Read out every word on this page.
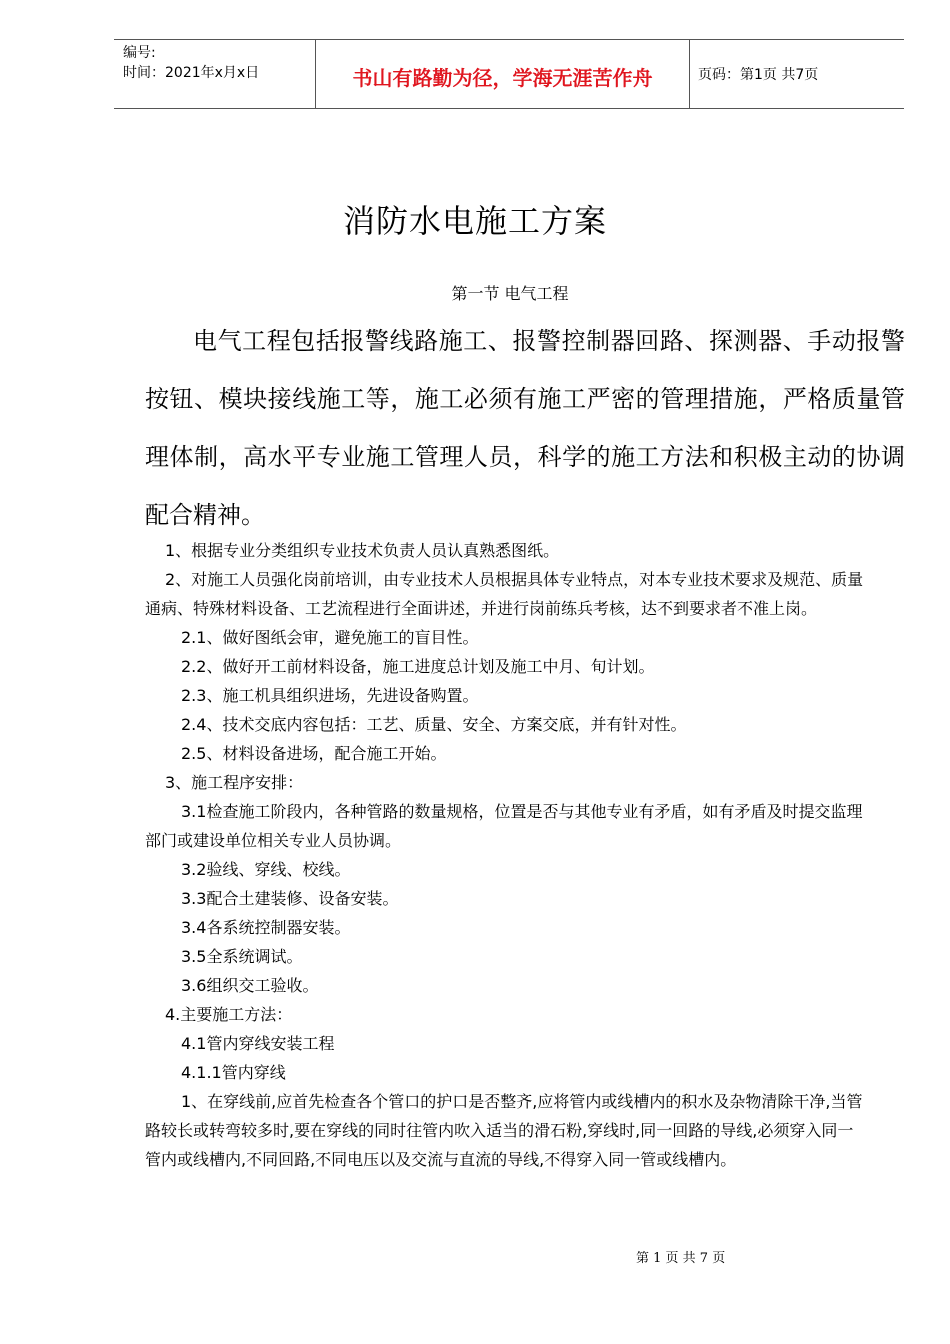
编号:
时间：2021年x月x日	书山有路勤为径，学海无涯苦作舟	页码：第1页 共7页
消防水电施工方案
第一节 电气工程
电气工程包括报警线路施工、报警控制器回路、探测器、手动报警按钮、模块接线施工等，施工必须有施工严密的管理措施，严格质量管理体制，高水平专业施工管理人员，科学的施工方法和积极主动的协调配合精神。

1、根据专业分类组织专业技术负责人员认真熟悉图纸。

2、对施工人员强化岗前培训，由专业技术人员根据具体专业特点，对本专业技术要求及规范、质量通病、特殊材料设备、工艺流程进行全面讲述，并进行岗前练兵考核，达不到要求者不准上岗。

2.1、做好图纸会审，避免施工的盲目性。

2.2、做好开工前材料设备，施工进度总计划及施工中月、旬计划。

2.3、施工机具组织进场，先进设备购置。

2.4、技术交底内容包括：工艺、质量、安全、方案交底，并有针对性。

2.5、材料设备进场，配合施工开始。

3、施工程序安排：

3.1检查施工阶段内，各种管路的数量规格，位置是否与其他专业有矛盾，如有矛盾及时提交监理部门或建设单位相关专业人员协调。

3.2验线、穿线、校线。

3.3配合土建装修、设备安装。

3.4各系统控制器安装。

3.5全系统调试。

3.6组织交工验收。

4.主要施工方法：

4.1管内穿线安装工程

4.1.1管内穿线

1、在穿线前,应首先检查各个管口的护口是否整齐,应将管内或线槽内的积水及杂物清除干净,当管路较长或转弯较多时,要在穿线的同时往管内吹入适当的滑石粉,穿线时,同一回路的导线,必须穿入同一管内或线槽内,不同回路,不同电压以及交流与直流的导线,不得穿入同一管或线槽内。

第 1 页 共 7 页
